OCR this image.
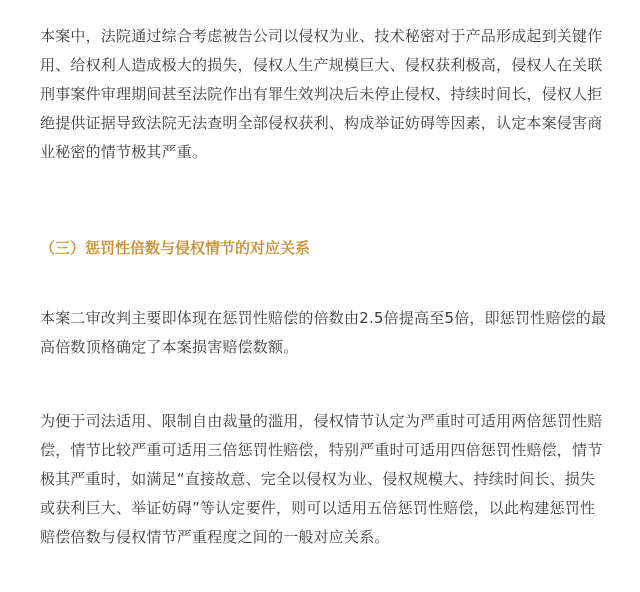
本案中，法院通过综合考虑被告公司以侵权为业、技术秘密对于产品形成起到关键作
用、给权利人造成极大的损失，侵权人生产规模巨大、侵权获利极高，侵权人在关联
刑事案件审理期间甚至法院作出有罪生效判决后未停止侵权、持续时间长，侵权人拒
绝提供证据导致法院无法查明全部侵权获利、构成举证妨碍等因素，认定本案侵害商
业秘密的情节极其严重。

（三）惩罚性倍数与侵权情节的对应关系

本案二审改判主要即体现在惩罚性赔偿的倍数由2.5倍提高至5倍，即惩罚性赔偿的最
高倍数顶格确定了本案损害赔偿数额。

为便于司法适用、限制自由裁量的滥用，侵权情节认定为严重时可适用两倍惩罚性赔
偿，情节比较严重可适用三倍惩罚性赔偿，特别严重时可适用四倍惩罚性赔偿，情节
极其严重时，如满足“直接故意、完全以侵权为业、侵权规模大、持续时间长、损失
或获利巨大、举证妨碍”等认定要件，则可以适用五倍惩罚性赔偿，以此构建惩罚性
赔偿倍数与侵权情节严重程度之间的一般对应关系。
